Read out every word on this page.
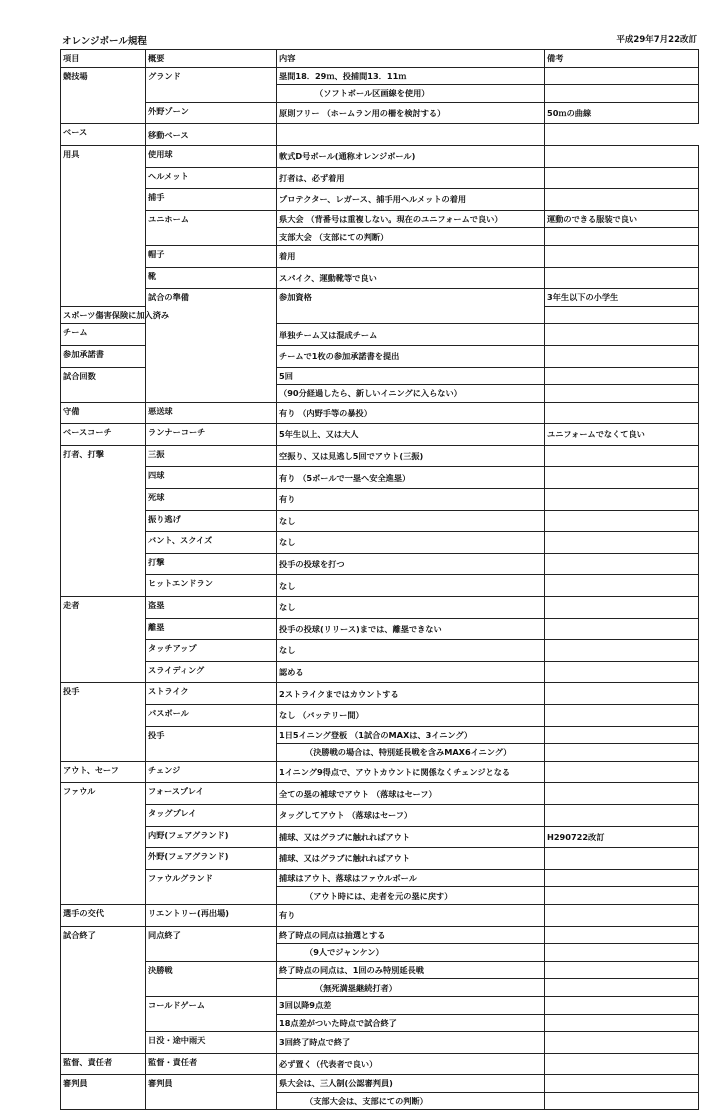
オレンジボール規程	平成29年7月22改訂
項目	概要	内容	備考	
競技場	グランド	塁間18．29ｍ、投捕間13．11ｍ		
		（ソフトボール区画線を使用）		
	外野ゾーン	原則フリー （ホームラン用の柵を検討する）	50ｍの曲線	
ベース	移動ベース			
用具	使用球	軟式D号ボール(通称オレンジボール)		
	ヘルメット	打者は、必ず着用		
	捕手	プロテクター、レガース、捕手用ヘルメットの着用		
	ユニホーム	県大会 （背番号は重複しない。現在のユニフォームで良い）	運動のできる服装で良い	
		支部大会 （支部にての判断）		
	帽子	着用		
	靴	スパイク、運動靴等で良い		
	試合の準備	参加資格	3年生以下の小学生	
スポーツ傷害保険に加入済み				
チーム		単独チーム又は混成チーム		
参加承諾書		チームで1枚の参加承諾書を提出		
試合回数		5回		
		（90分経過したら、新しいイニングに入らない）		
守備	悪送球	有り （内野手等の暴投）		
ベースコーチ	ランナーコーチ	5年生以上、又は大人	ユニフォームでなくて良い	
打者、打撃	三振	空振り、又は見逃し5回でアウト(三振)		
	四球	有り （5ボールで一塁へ安全進塁）		
	死球	有り		
	振り逃げ	なし		
	バント、スクイズ	なし		
	打撃	投手の投球を打つ		
	ヒットエンドラン	なし		
走者	盗塁	なし		
	離塁	投手の投球(リリース)までは、離塁できない		
	タッチアップ	なし		
	スライディング	認める		
投手	ストライク	2ストライクまではカウントする		
	パスボール	なし （バッテリー間）		
	投手	1日5イニング登板 （1試合のMAXは、3イニング）		
		（決勝戦の場合は、特別延長戦を含みMAX6イニング）		
アウト、セーフ	チェンジ	1イニング9得点で、アウトカウントに関係なくチェンジとなる		
ファウル	フォースプレイ	全ての塁の補球でアウト （落球はセーフ）		
	タッグプレイ	タッグしてアウト （落球はセーフ）		
	内野(フェアグランド)	捕球、又はグラブに触れればアウト	H290722改訂	
	外野(フェアグランド)	捕球、又はグラブに触れればアウト		
	ファウルグランド	捕球はアウト、落球はファウルボール		
		（アウト時には、走者を元の塁に戻す）		
選手の交代	リエントリー(再出場)	有り		
試合終了	同点終了	終了時点の同点は抽選とする		
		（9人でジャンケン）		
	決勝戦	終了時点の同点は、1回のみ特別延長戦		
		（無死満塁継続打者）		
	コールドゲーム	3回以降9点差		
		18点差がついた時点で試合終了		
	日没・途中雨天	3回終了時点で終了		
監督、責任者	監督・責任者	必ず置く（代表者で良い）		
審判員	審判員	県大会は、三人制(公認審判員)		
		（支部大会は、支部にての判断）		
